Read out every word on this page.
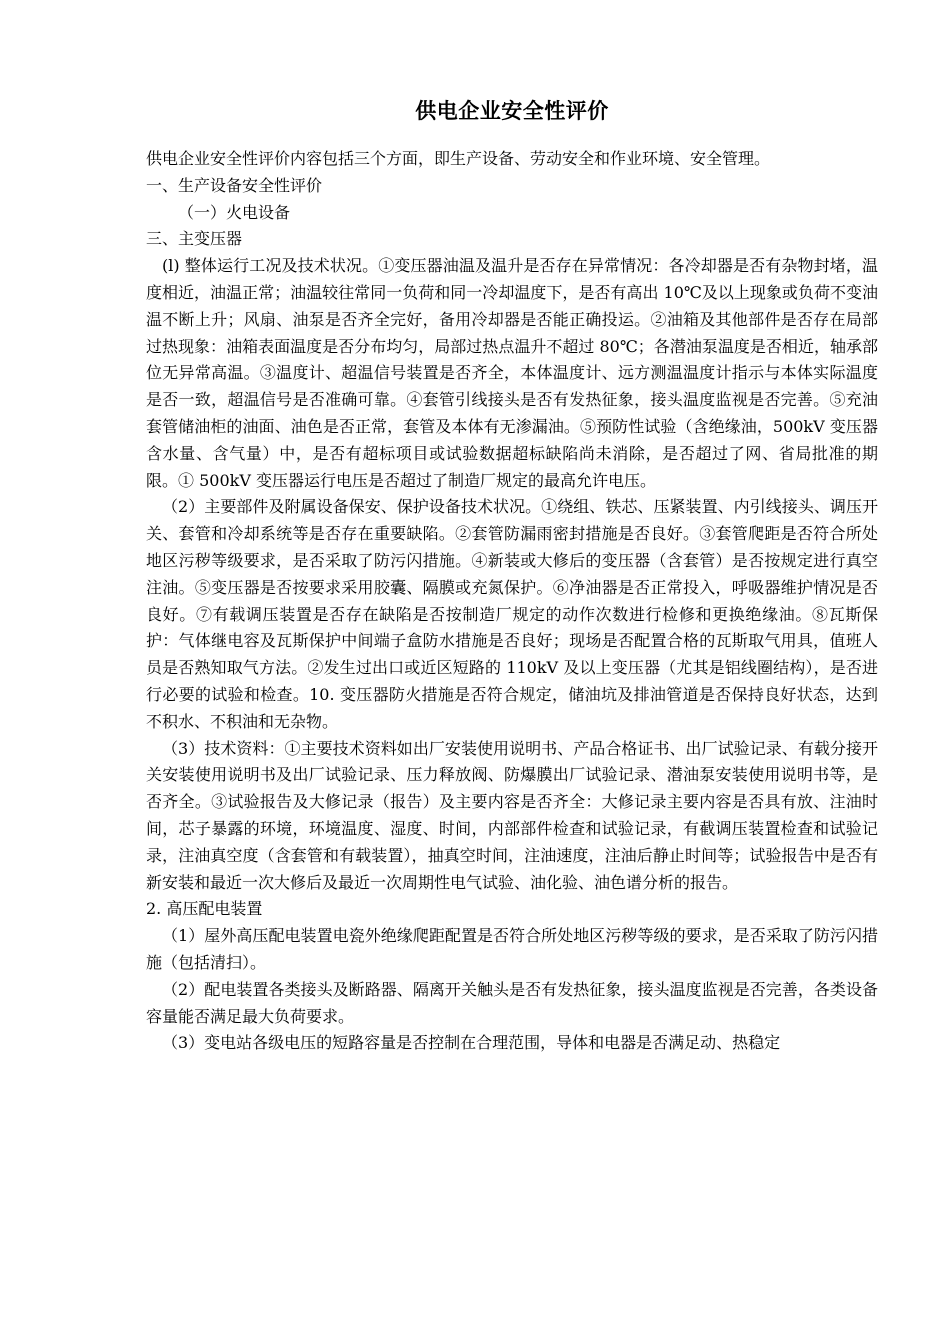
供电企业安全性评价

供电企业安全性评价内容包括三个方面，即生产设备、劳动安全和作业环境、安全管理。

一、生产设备安全性评价

（一）火电设备

三、主变压器

(l) 整体运行工况及技术状况。①变压器油温及温升是否存在异常情况：各冷却器是否有杂物封堵，温度相近，油温正常；油温较往常同一负荷和同一冷却温度下，是否有高出 10℃及以上现象或负荷不变油温不断上升；风扇、油泵是否齐全完好，备用冷却器是否能正确投运。②油箱及其他部件是否存在局部过热现象：油箱表面温度是否分布均匀，局部过热点温升不超过 80℃；各潜油泵温度是否相近，轴承部位无异常高温。③温度计、超温信号装置是否齐全，本体温度计、远方测温温度计指示与本体实际温度是否一致，超温信号是否准确可靠。④套管引线接头是否有发热征象，接头温度监视是否完善。⑤充油套管储油柜的油面、油色是否正常，套管及本体有无渗漏油。⑤预防性试验（含绝缘油，500kV 变压器含水量、含气量）中，是否有超标项目或试验数据超标缺陷尚未消除，是否超过了网、省局批准的期限。① 500kV 变压器运行电压是否超过了制造厂规定的最高允许电压。

（2）主要部件及附属设备保安、保护设备技术状况。①绕组、铁芯、压紧装置、内引线接头、调压开关、套管和冷却系统等是否存在重要缺陷。②套管防漏雨密封措施是否良好。③套管爬距是否符合所处地区污秽等级要求，是否采取了防污闪措施。④新装或大修后的变压器（含套管）是否按规定进行真空注油。⑤变压器是否按要求采用胶囊、隔膜或充氮保护。⑥净油器是否正常投入，呼吸器维护情况是否良好。⑦有载调压装置是否存在缺陷是否按制造厂规定的动作次数进行检修和更换绝缘油。⑧瓦斯保护：气体继电容及瓦斯保护中间端子盒防水措施是否良好；现场是否配置合格的瓦斯取气用具，值班人员是否熟知取气方法。②发生过出口或近区短路的 110kV 及以上变压器（尤其是铝线圈结构），是否进行必要的试验和检查。10. 变压器防火措施是否符合规定，储油坑及排油管道是否保持良好状态，达到不积水、不积油和无杂物。

（3）技术资料：①主要技术资料如出厂安装使用说明书、产品合格证书、出厂试验记录、有载分接开关安装使用说明书及出厂试验记录、压力释放阀、防爆膜出厂试验记录、潜油泵安装使用说明书等，是否齐全。③试验报告及大修记录（报告）及主要内容是否齐全：大修记录主要内容是否具有放、注油时间，芯子暴露的环境，环境温度、湿度、时间，内部部件检查和试验记录，有截调压装置检查和试验记录，注油真空度（含套管和有载装置），抽真空时间，注油速度，注油后静止时间等；试验报告中是否有新安装和最近一次大修后及最近一次周期性电气试验、油化验、油色谱分析的报告。

2. 高压配电装置

（1）屋外高压配电装置电瓷外绝缘爬距配置是否符合所处地区污秽等级的要求，是否采取了防污闪措施（包括清扫）。

（2）配电装置各类接头及断路器、隔离开关触头是否有发热征象，接头温度监视是否完善，各类设备容量能否满足最大负荷要求。

（3）变电站各级电压的短路容量是否控制在合理范围，导体和电器是否满足动、热稳定
